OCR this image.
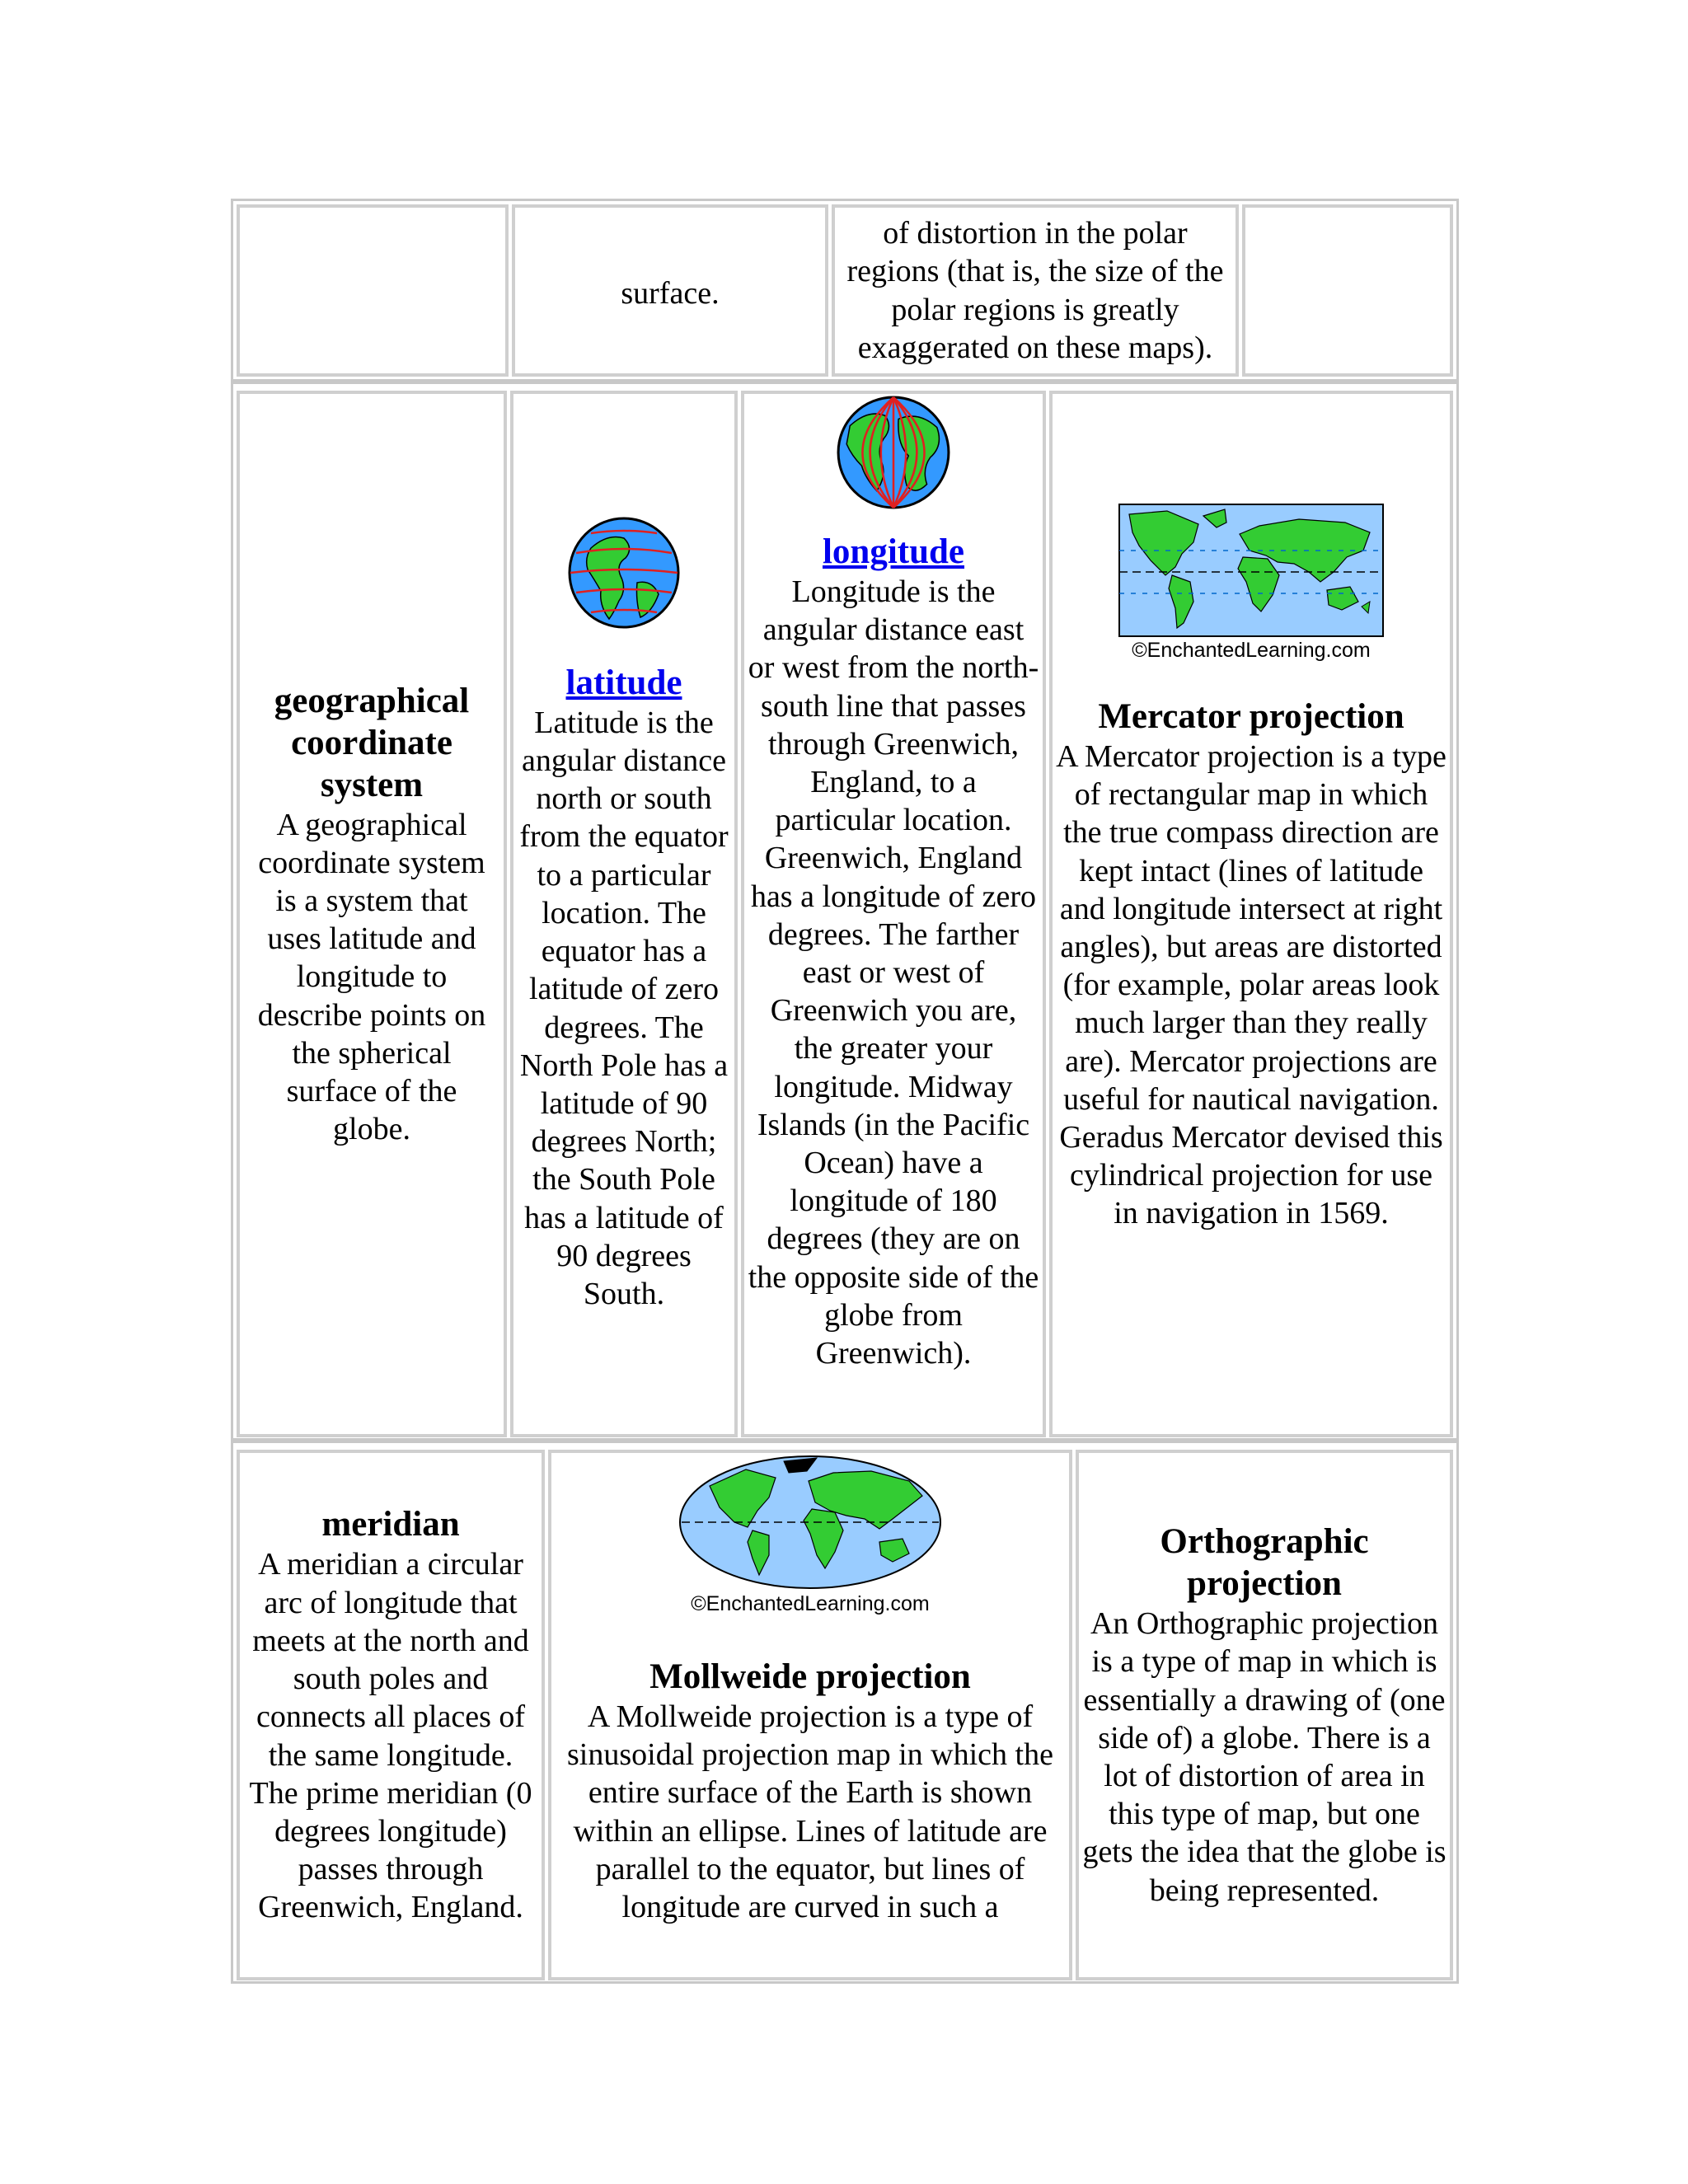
surface.
of distortion in the polar regions (that is, the size of the polar regions is greatly exaggerated on these maps).
geographical coordinate system
A geographical coordinate system is a system that uses latitude and longitude to describe points on the spherical surface of the globe.
latitude
Latitude is the angular distance north or south from the equator to a particular location. The equator has a latitude of zero degrees. The North Pole has a latitude of 90 degrees North; the South Pole has a latitude of 90 degrees South.
longitude
Longitude is the angular distance east or west from the north-south line that passes through Greenwich, England, to a particular location. Greenwich, England has a longitude of zero degrees. The farther east or west of Greenwich you are, the greater your longitude. Midway Islands (in the Pacific Ocean) have a longitude of 180 degrees (they are on the opposite side of the globe from Greenwich).
©EnchantedLearning.com
Mercator projection
A Mercator projection is a type of rectangular map in which the true compass direction are kept intact (lines of latitude and longitude intersect at right angles), but areas are distorted (for example, polar areas look much larger than they really are). Mercator projections are useful for nautical navigation. Geradus Mercator devised this cylindrical projection for use in navigation in 1569.
meridian
A meridian a circular arc of longitude that meets at the north and south poles and connects all places of the same longitude. The prime meridian (0 degrees longitude) passes through Greenwich, England.
©EnchantedLearning.com
Mollweide projection
A Mollweide projection is a type of sinusoidal projection map in which the entire surface of the Earth is shown within an ellipse. Lines of latitude are parallel to the equator, but lines of longitude are curved in such a
Orthographic projection
An Orthographic projection is a type of map in which is essentially a drawing of (one side of) a globe. There is a lot of distortion of area in this type of map, but one gets the idea that the globe is being represented.
